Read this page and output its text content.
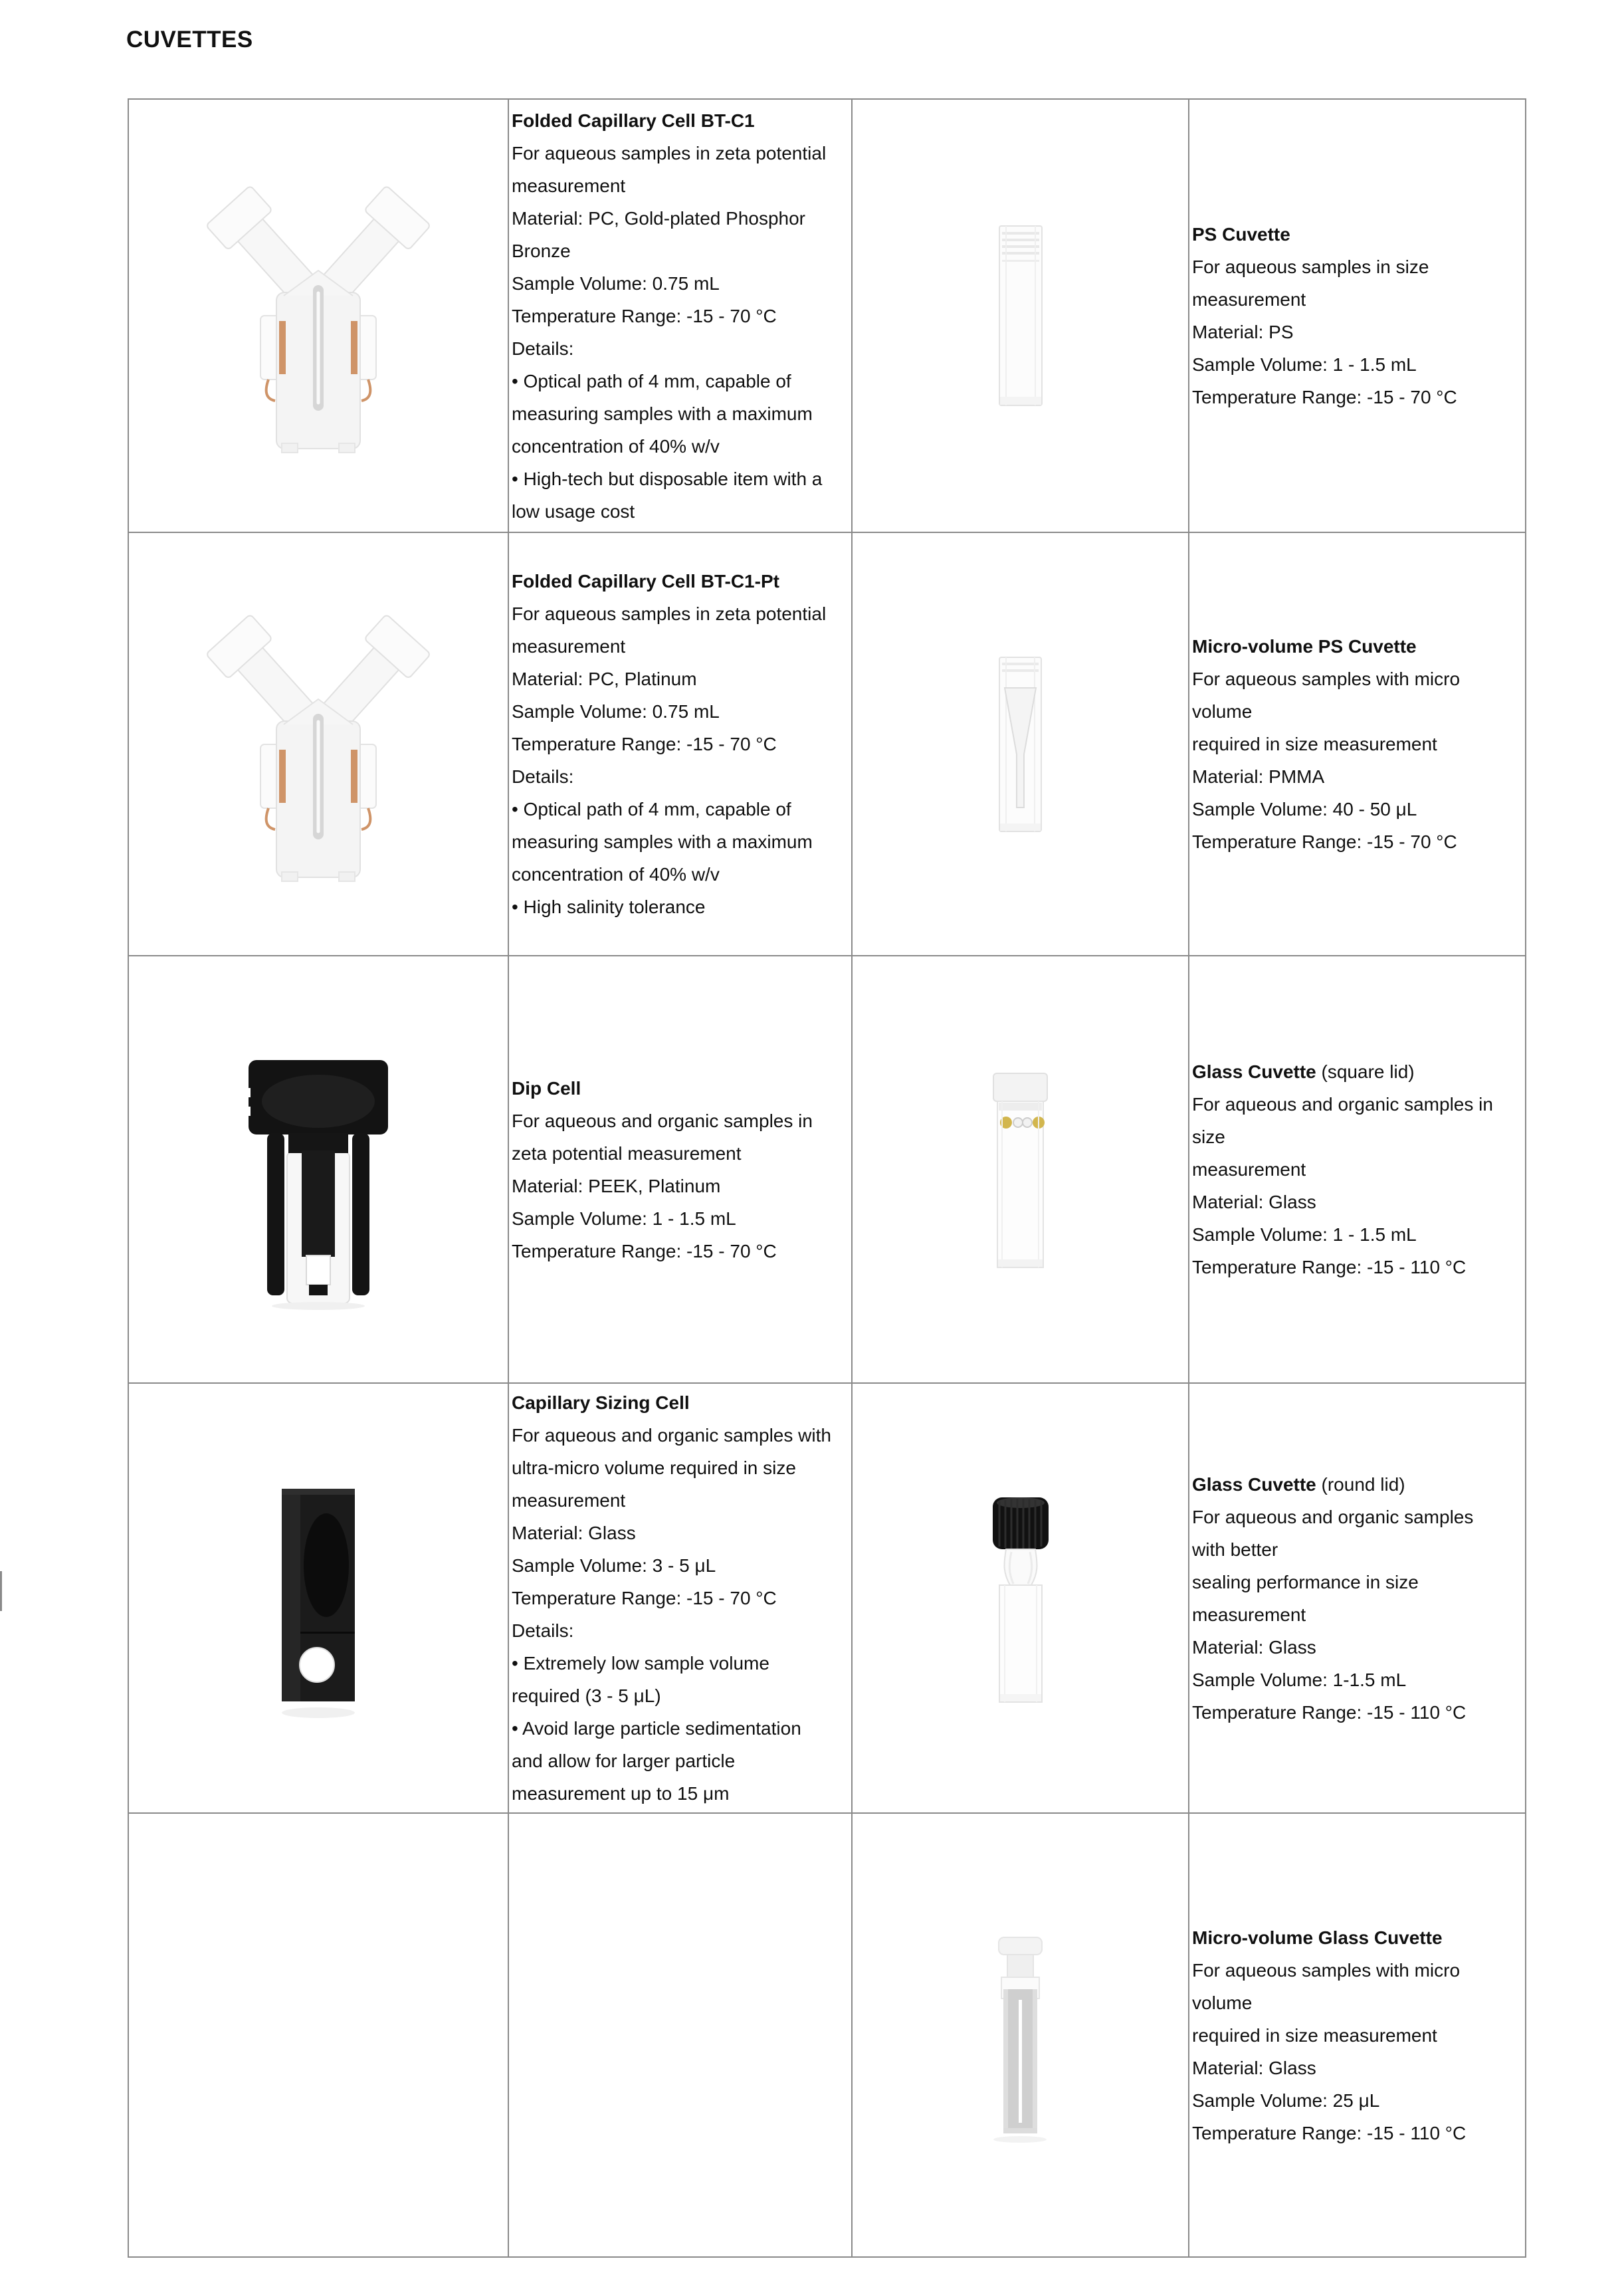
CUVETTES
Folded Capillary Cell BT-C1
For aqueous samples in zeta potential
measurement
Material: PC, Gold-plated Phosphor
Bronze
Sample Volume: 0.75 mL
Temperature Range: -15 - 70 °C
Details:
• Optical path of 4 mm, capable of
measuring samples with a maximum
concentration of 40% w/v
• High-tech but disposable item with a
low usage cost
PS Cuvette
For aqueous samples in size
measurement
Material: PS
Sample Volume: 1 - 1.5 mL
Temperature Range: -15 - 70 °C
Folded Capillary Cell BT-C1-Pt
For aqueous samples in zeta potential
measurement
Material: PC, Platinum
Sample Volume: 0.75 mL
Temperature Range: -15 - 70 °C
Details:
• Optical path of 4 mm, capable of
measuring samples with a maximum
concentration of 40% w/v
• High salinity tolerance
Micro-volume PS Cuvette
For aqueous samples with micro
volume
required in size measurement
Material: PMMA
Sample Volume: 40 - 50 μL
Temperature Range: -15 - 70 °C
Dip Cell
For aqueous and organic samples in
zeta potential measurement
Material: PEEK, Platinum
Sample Volume: 1 - 1.5 mL
Temperature Range: -15 - 70 °C
Glass Cuvette (square lid)
For aqueous and organic samples in
size
measurement
Material: Glass
Sample Volume: 1 - 1.5 mL
Temperature Range: -15 - 110 °C
Capillary Sizing Cell
For aqueous and organic samples with
ultra-micro volume required in size
measurement
Material: Glass
Sample Volume: 3 - 5 μL
Temperature Range: -15 - 70 °C
Details:
• Extremely low sample volume
required (3 - 5 μL)
• Avoid large particle sedimentation
and allow for larger particle
measurement up to 15 μm
Glass Cuvette (round lid)
For aqueous and organic samples
with better
sealing performance in size
measurement
Material: Glass
Sample Volume: 1-1.5 mL
Temperature Range: -15 - 110 °C
Micro-volume Glass Cuvette
For aqueous samples with micro
volume
required in size measurement
Material: Glass
Sample Volume: 25 μL
Temperature Range: -15 - 110 °C
